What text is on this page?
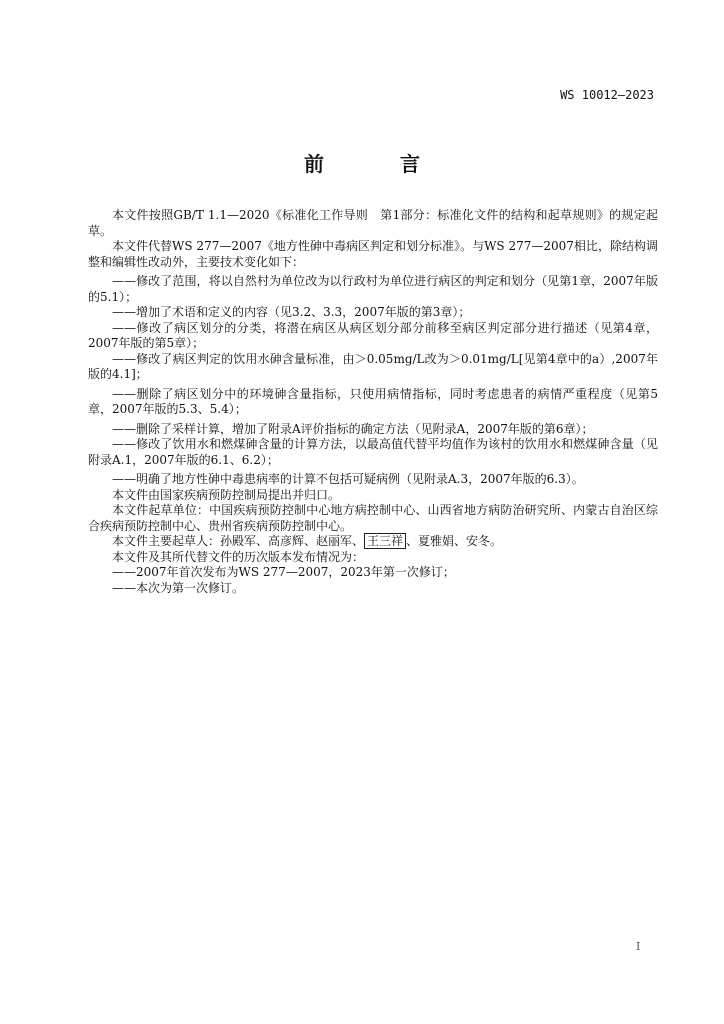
WS 10012—2023
前　言

本文件按照GB/T 1.1—2020《标准化工作导则　第1部分：标准化文件的结构和起草规则》的规定起草。

本文件代替WS 277—2007《地方性砷中毒病区判定和划分标准》。与WS 277—2007相比，除结构调整和编辑性改动外，主要技术变化如下：

——修改了范围，将以自然村为单位改为以行政村为单位进行病区的判定和划分（见第1章，2007年版的5.1）；

——增加了术语和定义的内容（见3.2、3.3，2007年版的第3章）；

——修改了病区划分的分类，将潜在病区从病区划分部分前移至病区判定部分进行描述（见第4章，2007年版的第5章）；

——修改了病区判定的饮用水砷含量标准，由＞0.05mg/L改为＞0.01mg/L[见第4章中的a）,2007年版的4.1]；

——删除了病区划分中的环境砷含量指标，只使用病情指标，同时考虑患者的病情严重程度（见第5章，2007年版的5.3、5.4）；

——删除了采样计算，增加了附录A评价指标的确定方法（见附录A，2007年版的第6章）；

——修改了饮用水和燃煤砷含量的计算方法，以最高值代替平均值作为该村的饮用水和燃煤砷含量（见附录A.1，2007年版的6.1、6.2）；

——明确了地方性砷中毒患病率的计算不包括可疑病例（见附录A.3，2007年版的6.3）。

本文件由国家疾病预防控制局提出并归口。

本文件起草单位：中国疾病预防控制中心地方病控制中心、山西省地方病防治研究所、内蒙古自治区综合疾病预防控制中心、贵州省疾病预防控制中心。

本文件主要起草人：孙殿军、高彦辉、赵丽军、 王三祥 、夏雅娟、安冬。

本文件及其所代替文件的历次版本发布情况为：

——2007年首次发布为WS 277—2007，2023年第一次修订；

——本次为第一次修订。

I
